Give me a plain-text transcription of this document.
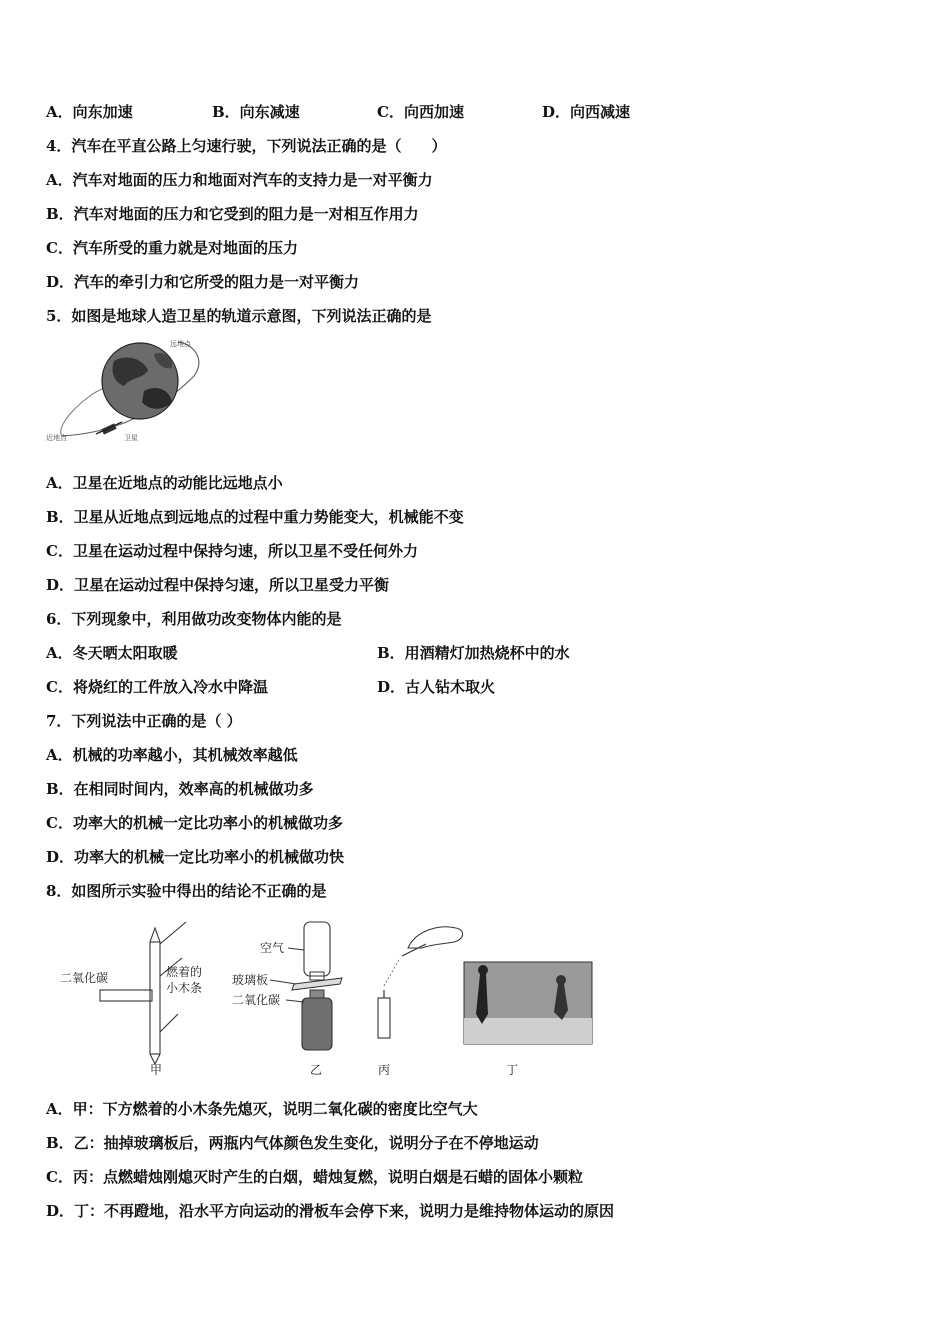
A．向东加速	B．向东减速	C．向西加速	D．向西减速
4．汽车在平直公路上匀速行驶，下列说法正确的是（　　）
A．汽车对地面的压力和地面对汽车的支持力是一对平衡力
B．汽车对地面的压力和它受到的阻力是一对相互作用力
C．汽车所受的重力就是对地面的压力
D．汽车的牵引力和它所受的阻力是一对平衡力
5．如图是地球人造卫星的轨道示意图，下列说法正确的是
远地点
近地点	卫星
A．卫星在近地点的动能比远地点小
B．卫星从近地点到远地点的过程中重力势能变大，机械能不变
C．卫星在运动过程中保持匀速，所以卫星不受任何外力
D．卫星在运动过程中保持匀速，所以卫星受力平衡
6．下列现象中，利用做功改变物体内能的是
A．冬天晒太阳取暖	B．用酒精灯加热烧杯中的水
C．将烧红的工件放入冷水中降温	D．古人钻木取火
7．下列说法中正确的是（ ）
A．机械的功率越小，其机械效率越低
B．在相同时间内，效率高的机械做功多
C．功率大的机械一定比功率小的机械做功多
D．功率大的机械一定比功率小的机械做功快
8．如图所示实验中得出的结论不正确的是
二氧化碳	燃着的
小木条
甲
空气
玻璃板
二氧化碳
乙	丙	丁
A．甲：下方燃着的小木条先熄灭，说明二氧化碳的密度比空气大
B．乙：抽掉玻璃板后，两瓶内气体颜色发生变化，说明分子在不停地运动
C．丙：点燃蜡烛刚熄灭时产生的白烟，蜡烛复燃，说明白烟是石蜡的固体小颗粒
D．丁：不再蹬地，沿水平方向运动的滑板车会停下来，说明力是维持物体运动的原因
